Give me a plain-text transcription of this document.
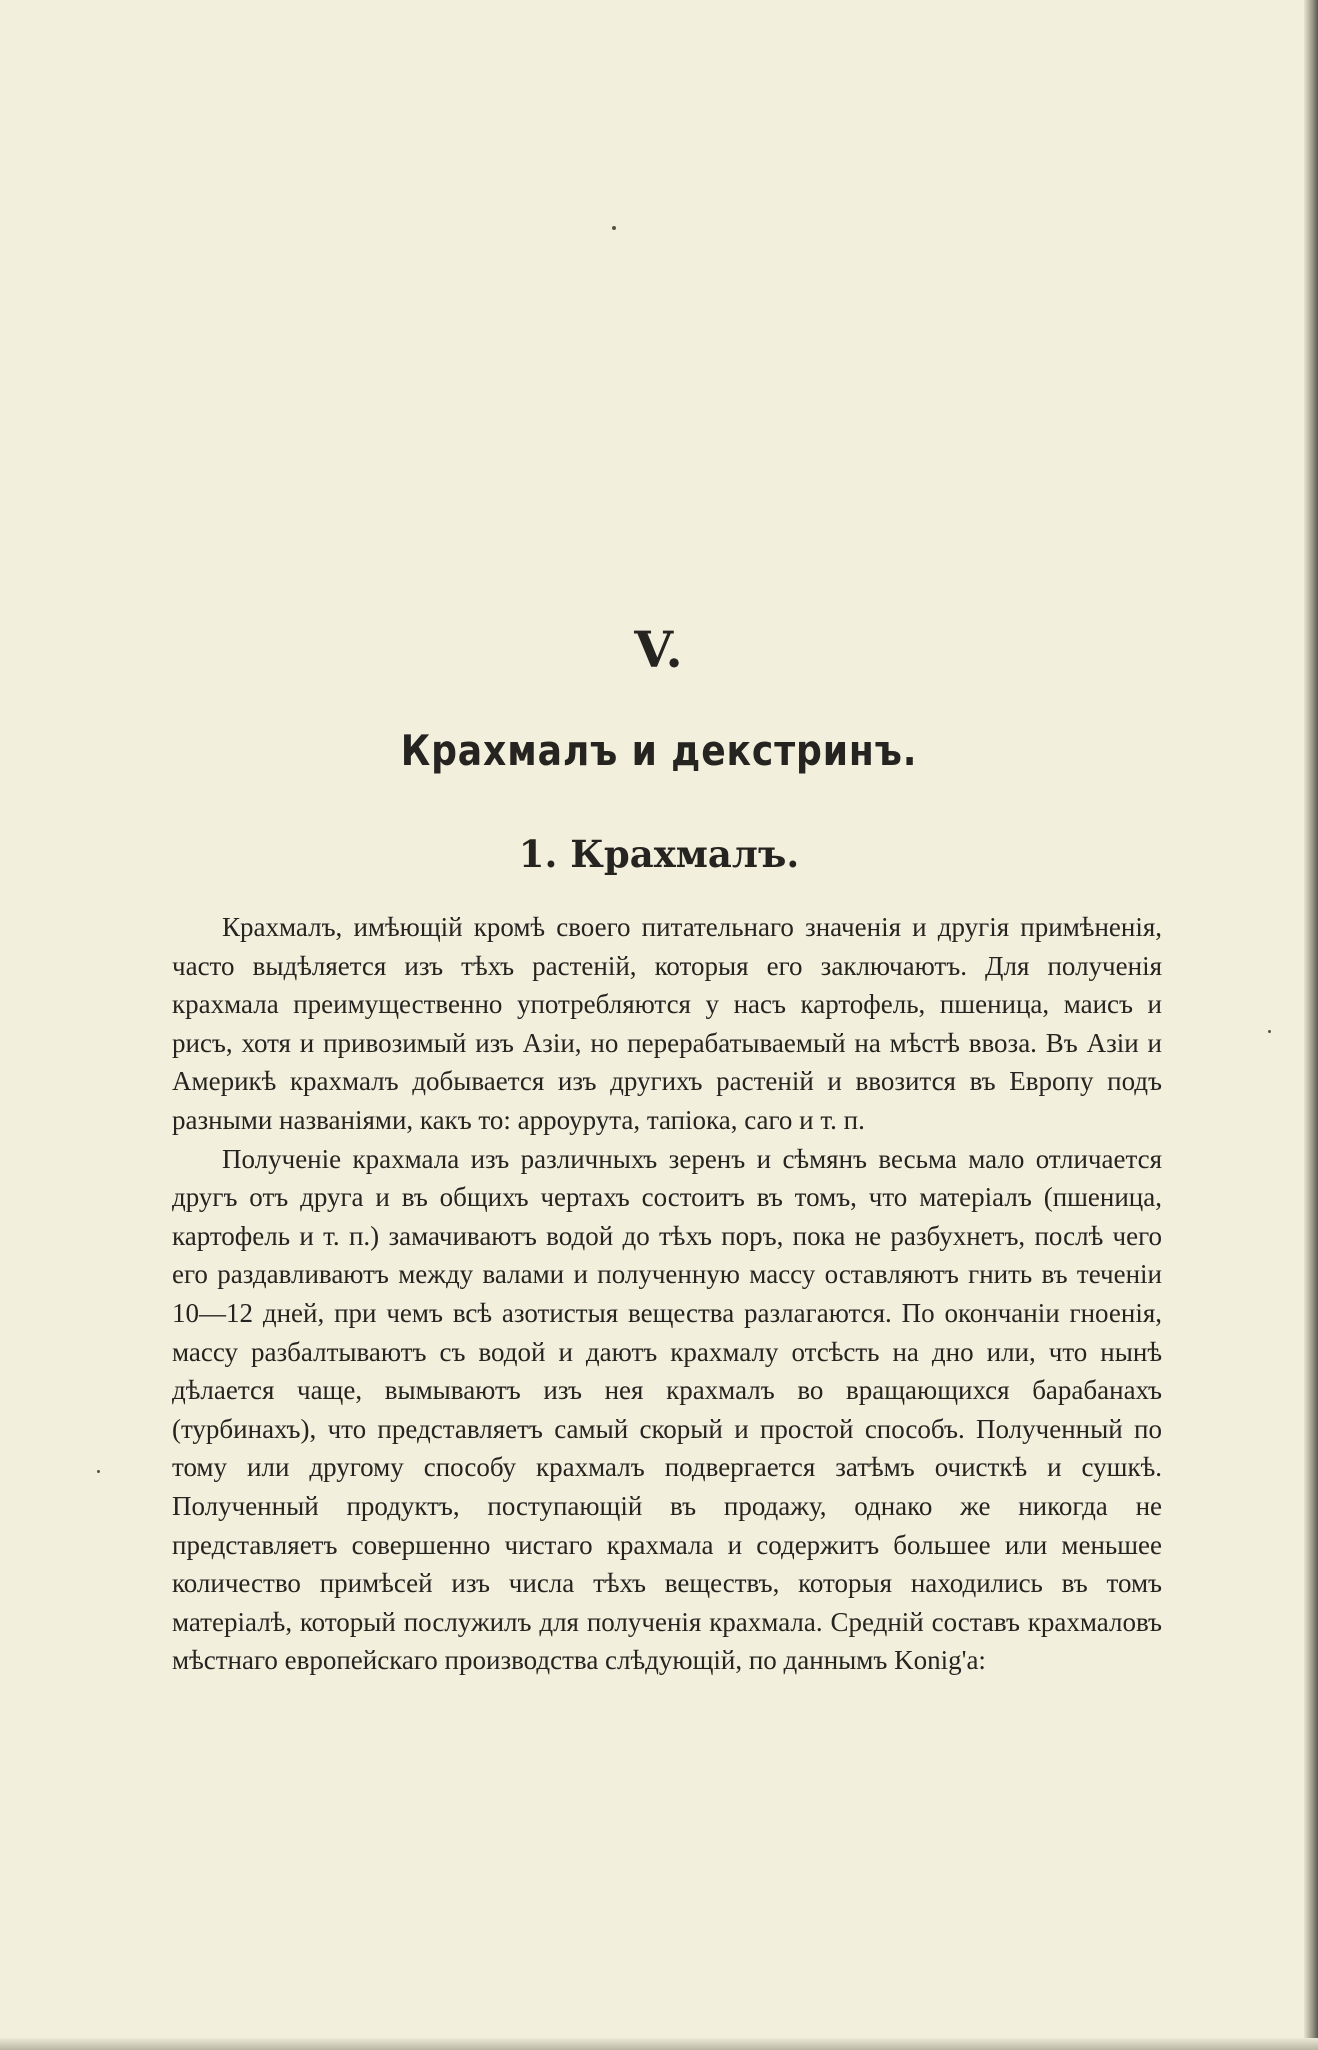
V.
Крахмалъ и декстринъ.
1. Крахмалъ.

Крахмалъ, имѣющій кромѣ своего питательнаго значенія и другія примѣненія, часто выдѣляется изъ тѣхъ растеній, которыя его заключаютъ. Для полученія крахмала преимущественно употребляются у насъ картофель, пшеница, маисъ и рисъ, хотя и привозимый изъ Азіи, но перерабатываемый на мѣстѣ ввоза. Въ Азіи и Америкѣ крахмалъ добывается изъ другихъ растеній и ввозится въ Европу подъ разными названіями, какъ то: арроурута, тапіока, саго и т. п.

Полученіе крахмала изъ различныхъ зеренъ и сѣмянъ весьма мало отличается другъ отъ друга и въ общихъ чертахъ состоитъ въ томъ, что матеріалъ (пшеница, картофель и т. п.) замачиваютъ водой до тѣхъ поръ, пока не разбухнетъ, послѣ чего его раздавливаютъ между валами и полученную массу оставляютъ гнить въ теченіи 10—12 дней, при чемъ всѣ азотистыя вещества разлагаются. По окончаніи гноенія, массу разбалтываютъ съ водой и даютъ крахмалу отсѣсть на дно или, что нынѣ дѣлается чаще, вымываютъ изъ нея крахмалъ во вращающихся барабанахъ (турбинахъ), что представляетъ самый скорый и простой способъ. Полученный по тому или другому способу крахмалъ подвергается затѣмъ очисткѣ и сушкѣ. Полученный продуктъ, поступающій въ продажу, однако же никогда не представляетъ совершенно чистаго крахмала и содержитъ большее или меньшее количество примѣсей изъ числа тѣхъ веществъ, которыя находились въ томъ матеріалѣ, который послужилъ для полученія крахмала. Средній составъ крахмаловъ мѣстнаго европейскаго производства слѣдующій, по даннымъ Konig'а:
